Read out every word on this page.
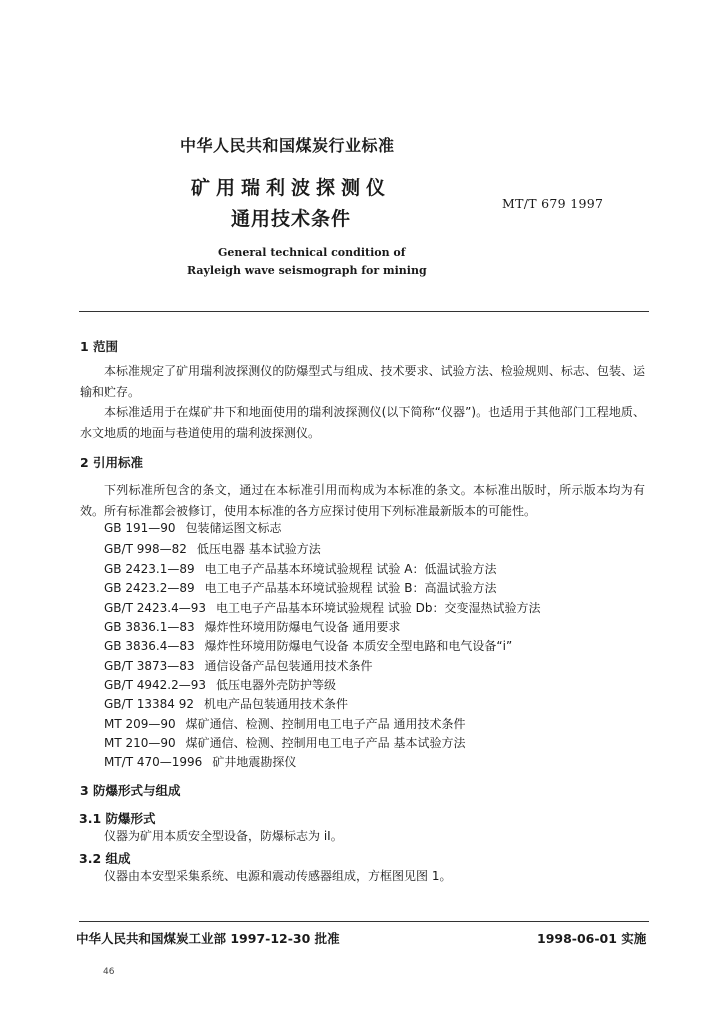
中华人民共和国煤炭行业标准
矿用瑞利波探测仪
通用技术条件
MT/T 679 1997
General technical condition of
Rayleigh wave seismograph for mining
1 范围
本标准规定了矿用瑞利波探测仪的防爆型式与组成、技术要求、试验方法、检验规则、标志、包装、运输和贮存。
本标准适用于在煤矿井下和地面使用的瑞利波探测仪(以下简称“仪器”)。也适用于其他部门工程地质、水文地质的地面与巷道使用的瑞利波探测仪。
2 引用标准
下列标准所包含的条文，通过在本标准引用而构成为本标准的条文。本标准出版时，所示版本均为有效。所有标准都会被修订，使用本标准的各方应探讨使用下列标准最新版本的可能性。
GB 191—90 包装储运图文标志
GB/T 998—82 低压电器 基本试验方法
GB 2423.1—89 电工电子产品基本环境试验规程 试验 A：低温试验方法
GB 2423.2—89 电工电子产品基本环境试验规程 试验 B：高温试验方法
GB/T 2423.4—93 电工电子产品基本环境试验规程 试验 Db：交变湿热试验方法
GB 3836.1—83 爆炸性环境用防爆电气设备 通用要求
GB 3836.4—83 爆炸性环境用防爆电气设备 本质安全型电路和电气设备“i”
GB/T 3873—83 通信设备产品包装通用技术条件
GB/T 4942.2—93 低压电器外壳防护等级
GB/T 13384 92 机电产品包装通用技术条件
MT 209—90 煤矿通信、检测、控制用电工电子产品 通用技术条件
MT 210—90 煤矿通信、检测、控制用电工电子产品 基本试验方法
MT/T 470—1996 矿井地震勘探仪
3 防爆形式与组成
3.1 防爆形式
仪器为矿用本质安全型设备，防爆标志为 iI。
3.2 组成
仪器由本安型采集系统、电源和震动传感器组成，方框图见图 1。
中华人民共和国煤炭工业部 1997-12-30 批准	1998-06-01 实施
46
